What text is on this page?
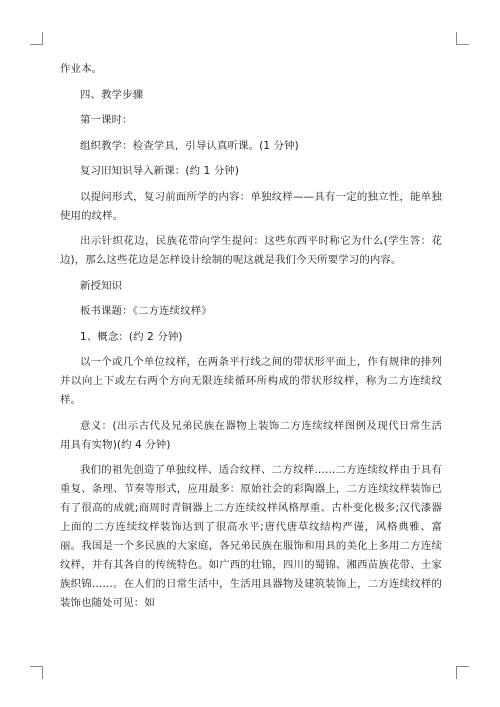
作业本。

四、教学步骤

第一课时：

组织教学：检查学具，引导认真听课。(1 分钟)

复习旧知识导入新课：(约 1 分钟)

以提问形式，复习前面所学的内容：单独纹样——具有一定的独立性，能单独使用的纹样。

出示针织花边，民族花带向学生提问：这些东西平时称它为什么(学生答：花边)，那么这些花边是怎样设计绘制的呢这就是我们今天所要学习的内容。

新授知识

板书课题：《二方连续纹样》

1、概念：(约 2 分钟)

以一个或几个单位纹样，在两条平行线之间的带状形平面上，作有规律的排列并以向上下或左右两个方向无限连续循环所构成的带状形纹样，称为二方连续纹样。

意义：(出示古代及兄弟民族在器物上装饰二方连续纹样图例及现代日常生活用具有实物)(约 4 分钟)

我们的祖先创造了单独纹样、适合纹样、二方纹样……二方连续纹样由于具有重复、条理、节奏等形式，应用最多：原始社会的彩陶器上，二方连续纹样装饰已有了很高的成就;商周时青铜器上二方连续纹样风格厚重、古朴变化极多;汉代漆器上面的二方连续纹样装饰达到了很高水平;唐代唐草纹结构严谨，风格典雅、富丽。我国是一个多民族的大家庭，各兄弟民族在服饰和用具的美化上多用二方连续纹样，并有其各自的传统特色。如广西的壮锦，四川的蜀锦、湘西苗族花带、土家族织锦……。在人们的日常生活中，生活用具器物及建筑装饰上，二方连续纹样的装饰也随处可见：如
